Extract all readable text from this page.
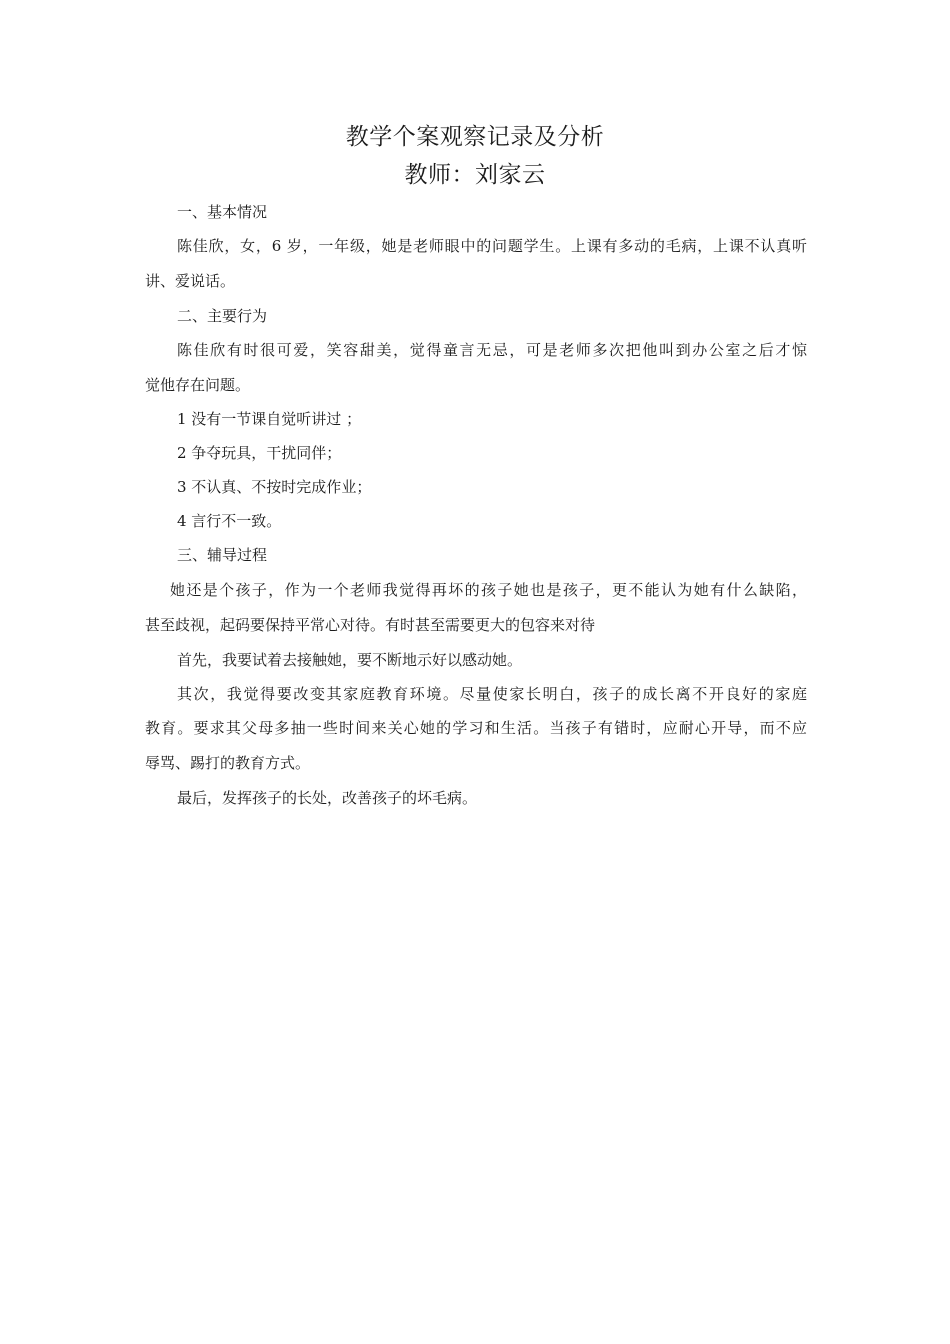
教学个案观察记录及分析
教师：刘家云
一、基本情况
陈佳欣，女，6 岁，一年级，她是老师眼中的问题学生。上课有多动的毛病，上课不认真听
讲、爱说话。
二、主要行为
陈佳欣有时很可爱，笑容甜美，觉得童言无忌，可是老师多次把他叫到办公室之后才惊
觉他存在问题。
1 没有一节课自觉听讲过 ；
2 争夺玩具，干扰同伴；
3 不认真、不按时完成作业；
4 言行不一致。
三、辅导过程
她还是个孩子，作为一个老师我觉得再坏的孩子她也是孩子，更不能认为她有什么缺陷，
甚至歧视，起码要保持平常心对待。有时甚至需要更大的包容来对待
首先，我要试着去接触她，要不断地示好以感动她。
其次，我觉得要改变其家庭教育环境。尽量使家长明白，孩子的成长离不开良好的家庭
教育。要求其父母多抽一些时间来关心她的学习和生活。当孩子有错时，应耐心开导，而不应
辱骂、踢打的教育方式。
最后，发挥孩子的长处，改善孩子的坏毛病。
